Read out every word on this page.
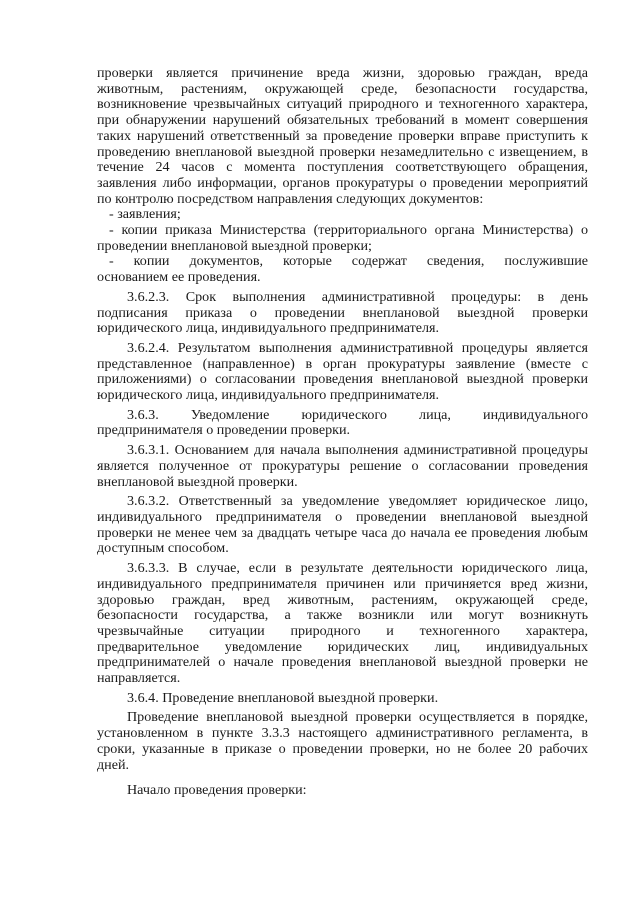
проверки является причинение вреда жизни, здоровью граждан, вреда
животным, растениям, окружающей среде, безопасности государства,
возникновение чрезвычайных ситуаций природного и техногенного характера,
при обнаружении нарушений обязательных требований в момент совершения
таких нарушений ответственный за проведение проверки вправе приступить к
проведению внеплановой выездной проверки незамедлительно с извещением, в
течение 24 часов с момента поступления соответствующего обращения,
заявления либо информации, органов прокуратуры о проведении мероприятий
по контролю посредством направления следующих документов:
- заявления;
- копии приказа Министерства (территориального органа Министерства) о
проведении внеплановой выездной проверки;
- копии документов, которые содержат сведения, послужившие
основанием ее проведения.
3.6.2.3. Срок выполнения административной процедуры: в день
подписания приказа о проведении внеплановой выездной проверки
юридического лица, индивидуального предпринимателя.
3.6.2.4. Результатом выполнения административной процедуры является
представленное (направленное) в орган прокуратуры заявление (вместе с
приложениями) о согласовании проведения внеплановой выездной проверки
юридического лица, индивидуального предпринимателя.
3.6.3. Уведомление юридического лица, индивидуального
предпринимателя о проведении проверки.
3.6.3.1. Основанием для начала выполнения административной процедуры
является полученное от прокуратуры решение о согласовании проведения
внеплановой выездной проверки.
3.6.3.2. Ответственный за уведомление уведомляет юридическое лицо,
индивидуального предпринимателя о проведении внеплановой выездной
проверки не менее чем за двадцать четыре часа до начала ее проведения любым
доступным способом.
3.6.3.3. В случае, если в результате деятельности юридического лица,
индивидуального предпринимателя причинен или причиняется вред жизни,
здоровью граждан, вред животным, растениям, окружающей среде,
безопасности государства, а также возникли или могут возникнуть
чрезвычайные ситуации природного и техногенного характера,
предварительное уведомление юридических лиц, индивидуальных
предпринимателей о начале проведения внеплановой выездной проверки не
направляется.
3.6.4. Проведение внеплановой выездной проверки.
Проведение внеплановой выездной проверки осуществляется в порядке,
установленном в пункте 3.3.3 настоящего административного регламента, в
сроки, указанные в приказе о проведении проверки, но не более 20 рабочих
дней.
Начало проведения проверки:
